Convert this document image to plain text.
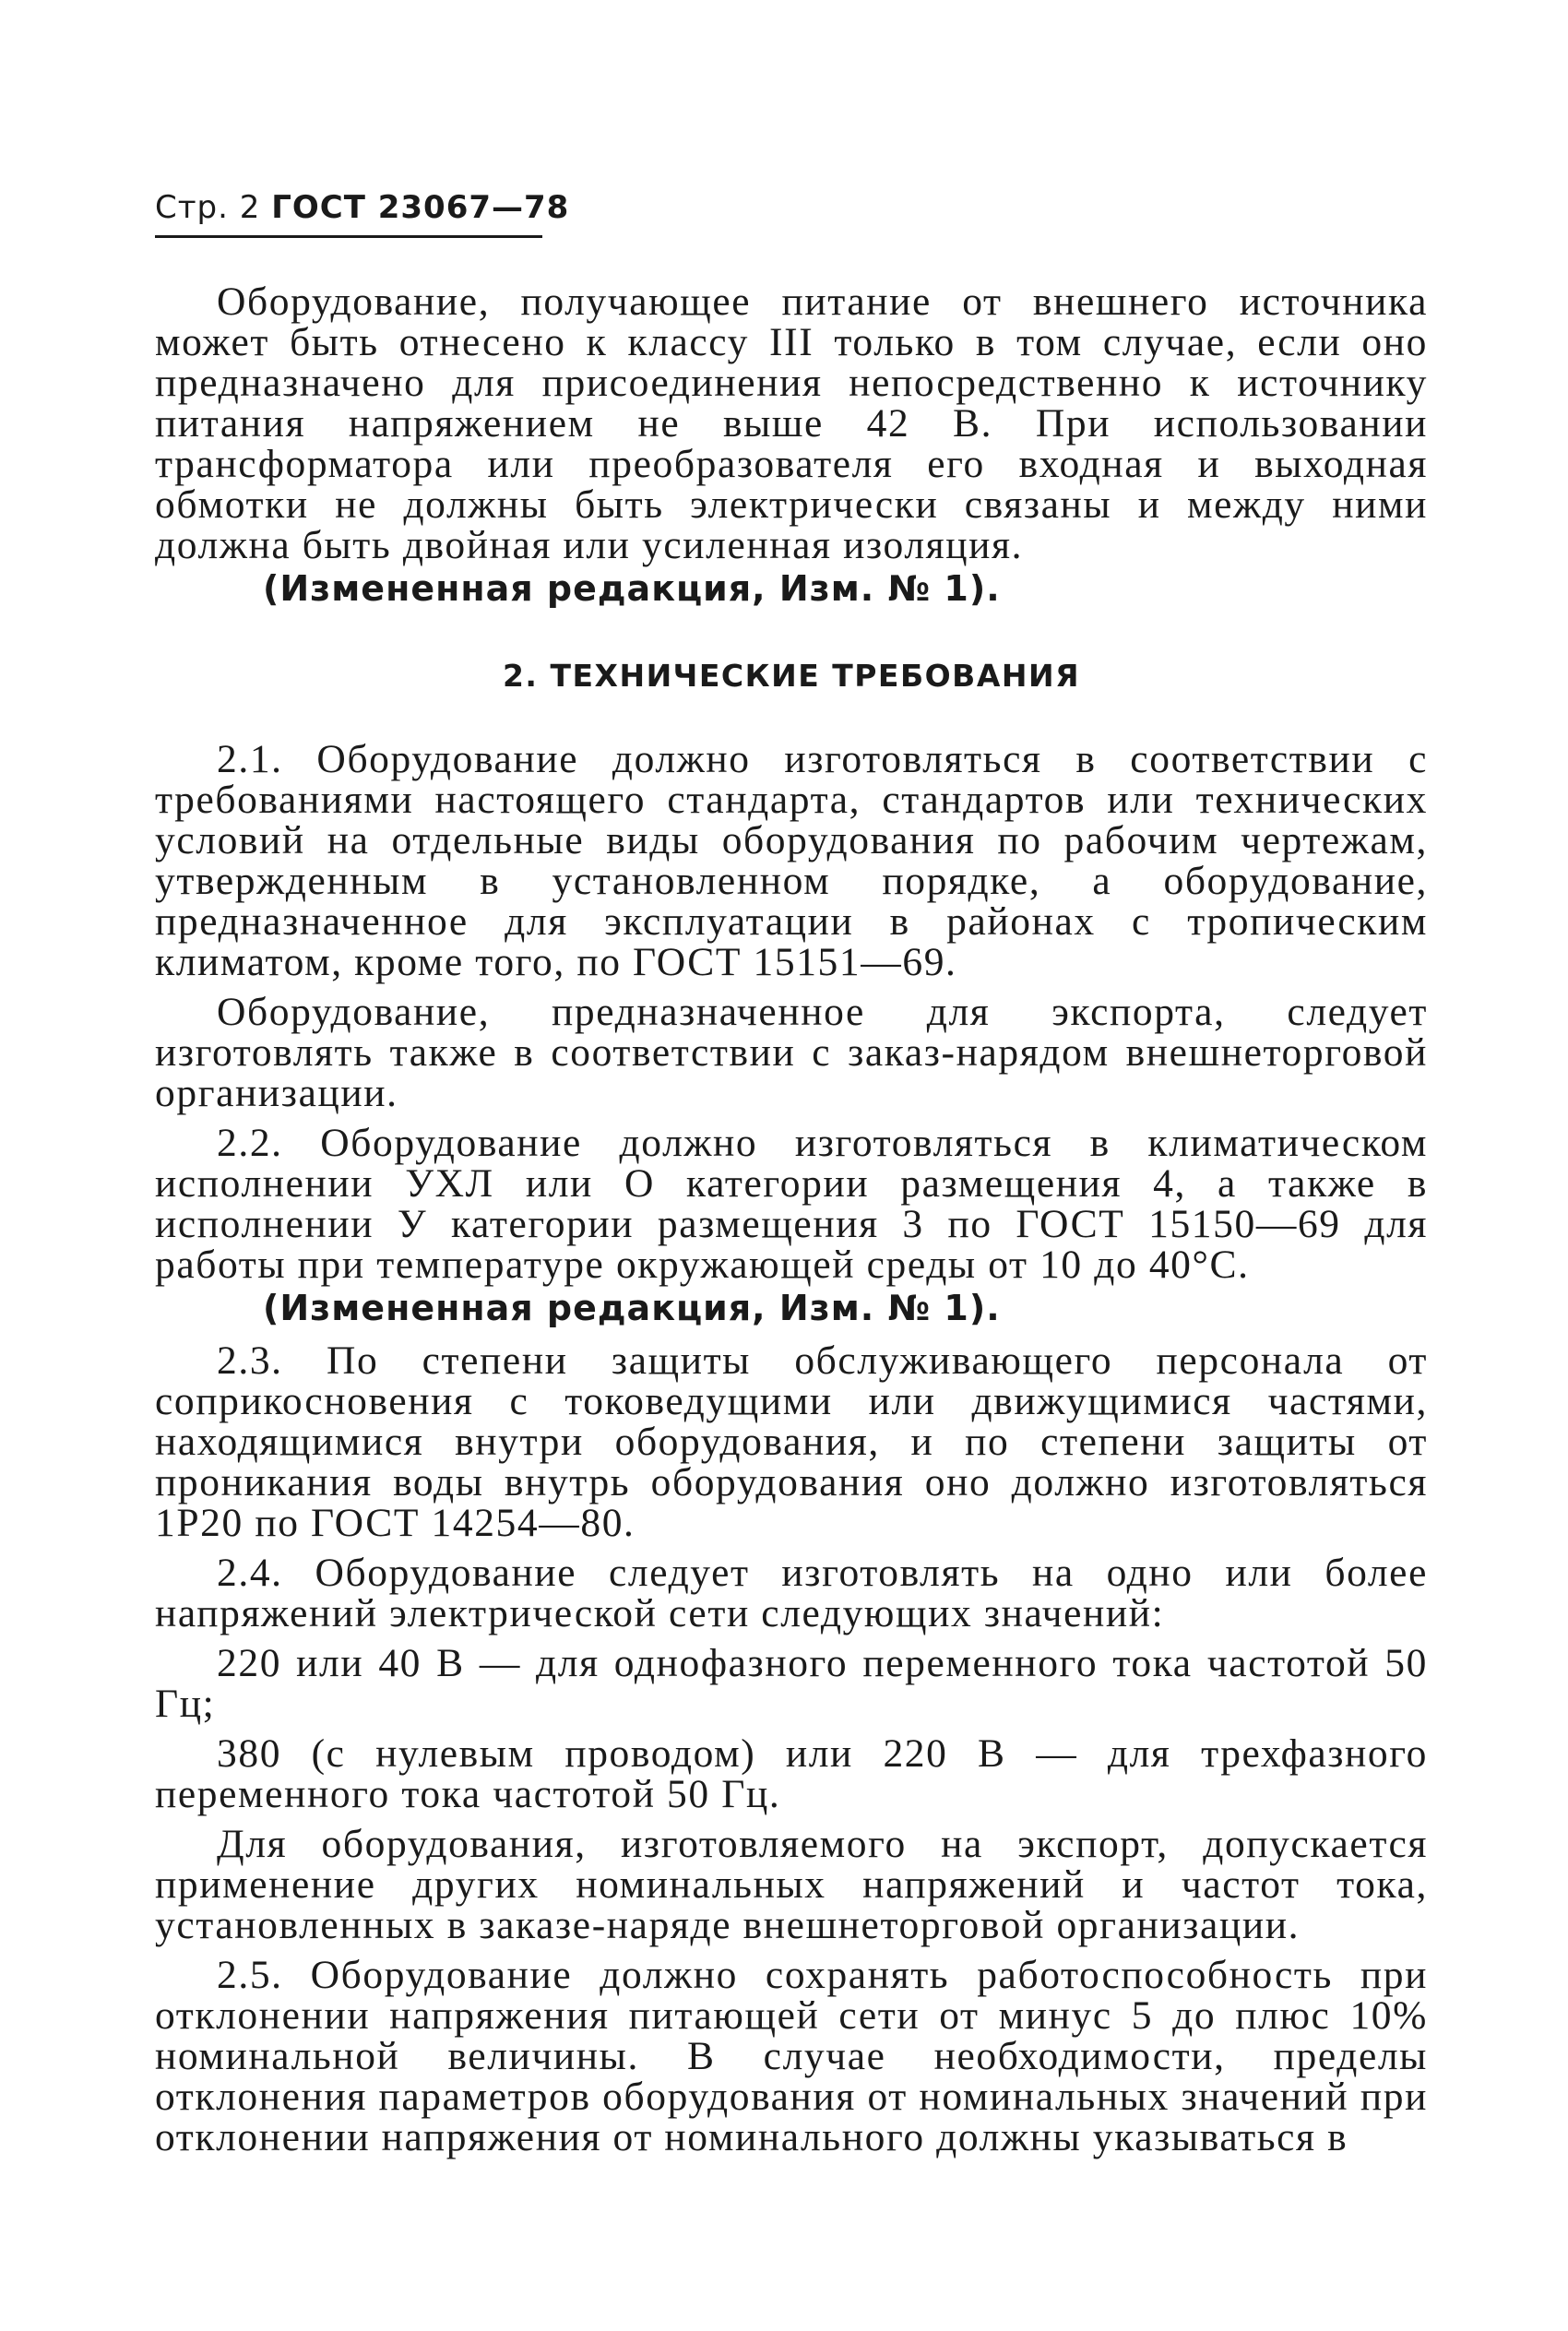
Стр. 2 ГОСТ 23067—78

Оборудование, получающее питание от внешнего источника может быть отнесено к классу III только в том случае, если оно предназначено для присоединения непосредственно к источнику питания напряжением не выше 42 В. При использовании трансформатора или преобразователя его входная и выходная обмотки не должны быть электрически связаны и между ними должна быть двойная или усиленная изоляция.

(Измененная редакция, Изм. № 1).

2. ТЕХНИЧЕСКИЕ ТРЕБОВАНИЯ

2.1. Оборудование должно изготовляться в соответствии с требованиями настоящего стандарта, стандартов или технических условий на отдельные виды оборудования по рабочим чертежам, утвержденным в установленном порядке, а оборудование, предназначенное для эксплуатации в районах с тропическим климатом, кроме того, по ГОСТ 15151—69.

Оборудование, предназначенное для экспорта, следует изготовлять также в соответствии с заказ-нарядом внешнеторговой организации.

2.2. Оборудование должно изготовляться в климатическом исполнении УХЛ или О категории размещения 4, а также в исполнении У категории размещения 3 по ГОСТ 15150—69 для работы при температуре окружающей среды от 10 до 40°С.

(Измененная редакция, Изм. № 1).

2.3. По степени защиты обслуживающего персонала от соприкосновения с токоведущими или движущимися частями, находящимися внутри оборудования, и по степени защиты от проникания воды внутрь оборудования оно должно изготовляться 1Р20 по ГОСТ 14254—80.

2.4. Оборудование следует изготовлять на одно или более напряжений электрической сети следующих значений:

220 или 40 В — для однофазного переменного тока частотой 50 Гц;

380 (с нулевым проводом) или 220 В — для трехфазного переменного тока частотой 50 Гц.

Для оборудования, изготовляемого на экспорт, допускается применение других номинальных напряжений и частот тока, установленных в заказе-наряде внешнеторговой организации.

2.5. Оборудование должно сохранять работоспособность при отклонении напряжения питающей сети от минус 5 до плюс 10% номинальной величины. В случае необходимости, пределы отклонения параметров оборудования от номинальных значений при отклонении напряжения от номинального должны указываться в
